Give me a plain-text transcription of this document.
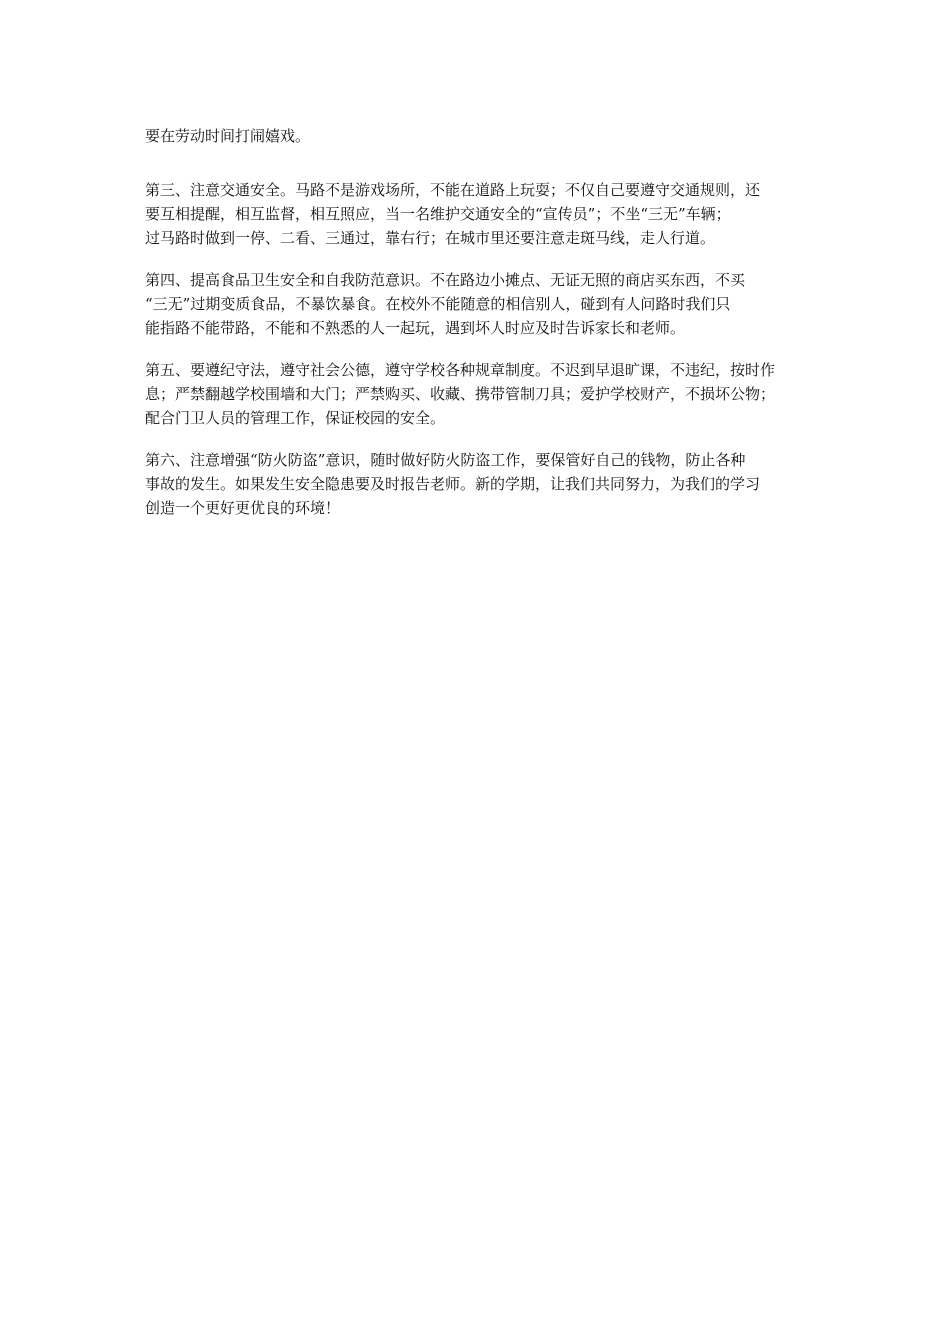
要在劳动时间打闹嬉戏。
第三、注意交通安全。马路不是游戏场所，不能在道路上玩耍；不仅自己要遵守交通规则，还
要互相提醒，相互监督，相互照应，当一名维护交通安全的“宣传员”；不坐“三无”车辆；
过马路时做到一停、二看、三通过，靠右行；在城市里还要注意走斑马线，走人行道。
第四、提高食品卫生安全和自我防范意识。不在路边小摊点、无证无照的商店买东西，不买
“三无”过期变质食品，不暴饮暴食。在校外不能随意的相信别人，碰到有人问路时我们只
能指路不能带路，不能和不熟悉的人一起玩，遇到坏人时应及时告诉家长和老师。
第五、要遵纪守法，遵守社会公德，遵守学校各种规章制度。不迟到早退旷课，不违纪，按时作
息；严禁翻越学校围墙和大门；严禁购买、收藏、携带管制刀具；爱护学校财产，不损坏公物；
配合门卫人员的管理工作，保证校园的安全。
第六、注意增强“防火防盗”意识，随时做好防火防盗工作，要保管好自己的钱物，防止各种
事故的发生。如果发生安全隐患要及时报告老师。新的学期，让我们共同努力，为我们的学习
创造一个更好更优良的环境！
